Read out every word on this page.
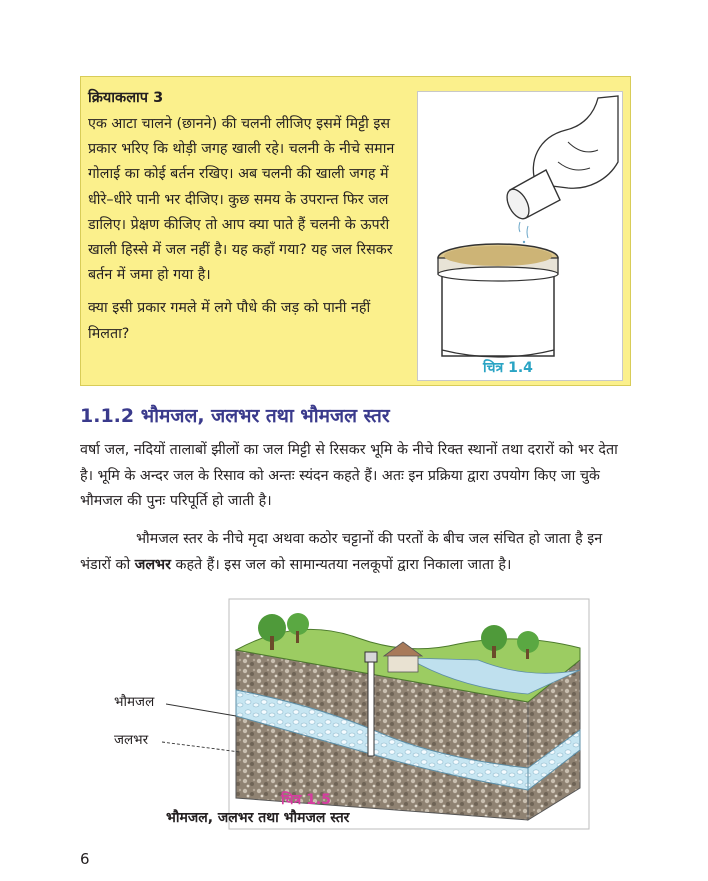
क्रियाकलाप 3

एक आटा चालने (छानने) की चलनी लीजिए इसमें मिट्टी इस प्रकार भरिए कि थोड़ी जगह खाली रहे। चलनी के नीचे समान गोलाई का कोई बर्तन रखिए। अब चलनी की खाली जगह में धीरे–धीरे पानी भर दीजिए। कुछ समय के उपरान्त फिर जल डालिए। प्रेक्षण कीजिए तो आप क्या पाते हैं चलनी के ऊपरी खाली हिस्से में जल नहीं है। यह कहाँ गया? यह जल रिसकर बर्तन में जमा हो गया है।

क्या इसी प्रकार गमले में लगे पौधे की जड़ को पानी नहीं मिलता?

चित्र 1.4
1.1.2 भौमजल, जलभर तथा भौमजल स्तर

वर्षा जल, नदियों तालाबों झीलों का जल मिट्टी से रिसकर भूमि के नीचे रिक्त स्थानों तथा दरारों को भर देता है। भूमि के अन्दर जल के रिसाव को अन्तः स्यंदन कहते हैं। अतः इन प्रक्रिया द्वारा उपयोग किए जा चुके भौमजल की पुनः परिपूर्ति हो जाती है।

भौमजल स्तर के नीचे मृदा अथवा कठोर चट्टानों की परतों के बीच जल संचित हो जाता है इन भंडारों को जलभर कहते हैं। इस जल को सामान्यतया नलकूपों द्वारा निकाला जाता है।

भौमजल
जलभर
चित्र 1.5
भौमजल, जलभर तथा भौमजल स्तर
6
